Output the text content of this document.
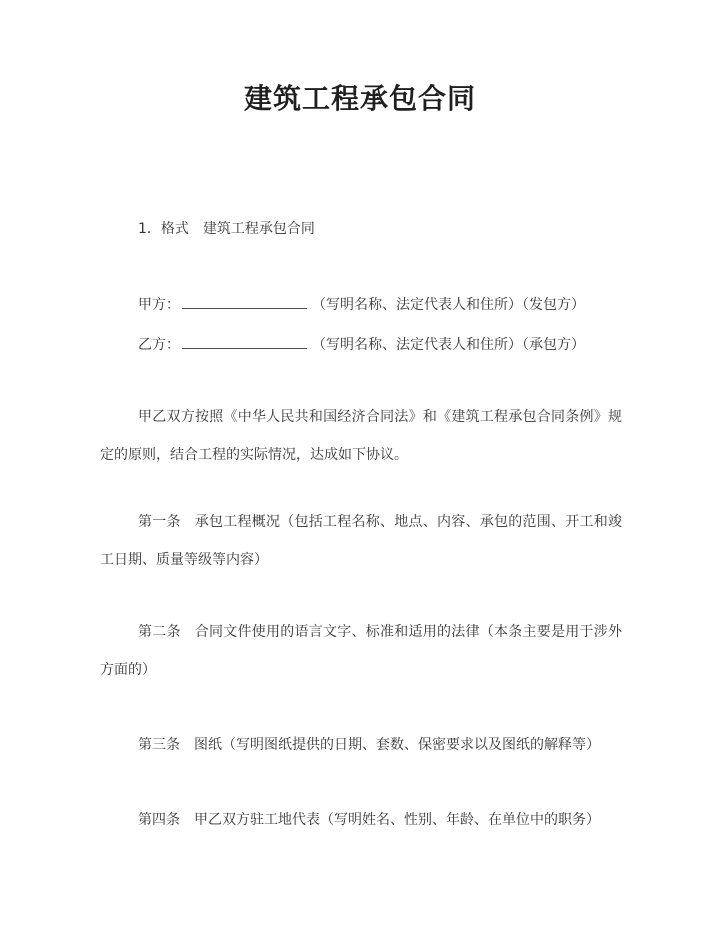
建筑工程承包合同
1．格式　建筑工程承包合同
甲方：	（写明名称、法定代表人和住所）（发包方）
乙方：	（写明名称、法定代表人和住所）（承包方）

甲乙双方按照《中华人民共和国经济合同法》和《建筑工程承包合同条例》规定的原则，结合工程的实际情况，达成如下协议。

第一条 承包工程概况（包括工程名称、地点、内容、承包的范围、开工和竣工日期、质量等级等内容）

第二条 合同文件使用的语言文字、标准和适用的法律（本条主要是用于涉外方面的）

第三条 图纸（写明图纸提供的日期、套数、保密要求以及图纸的解释等）

第四条 甲乙双方驻工地代表（写明姓名、性别、年龄、在单位中的职务）
